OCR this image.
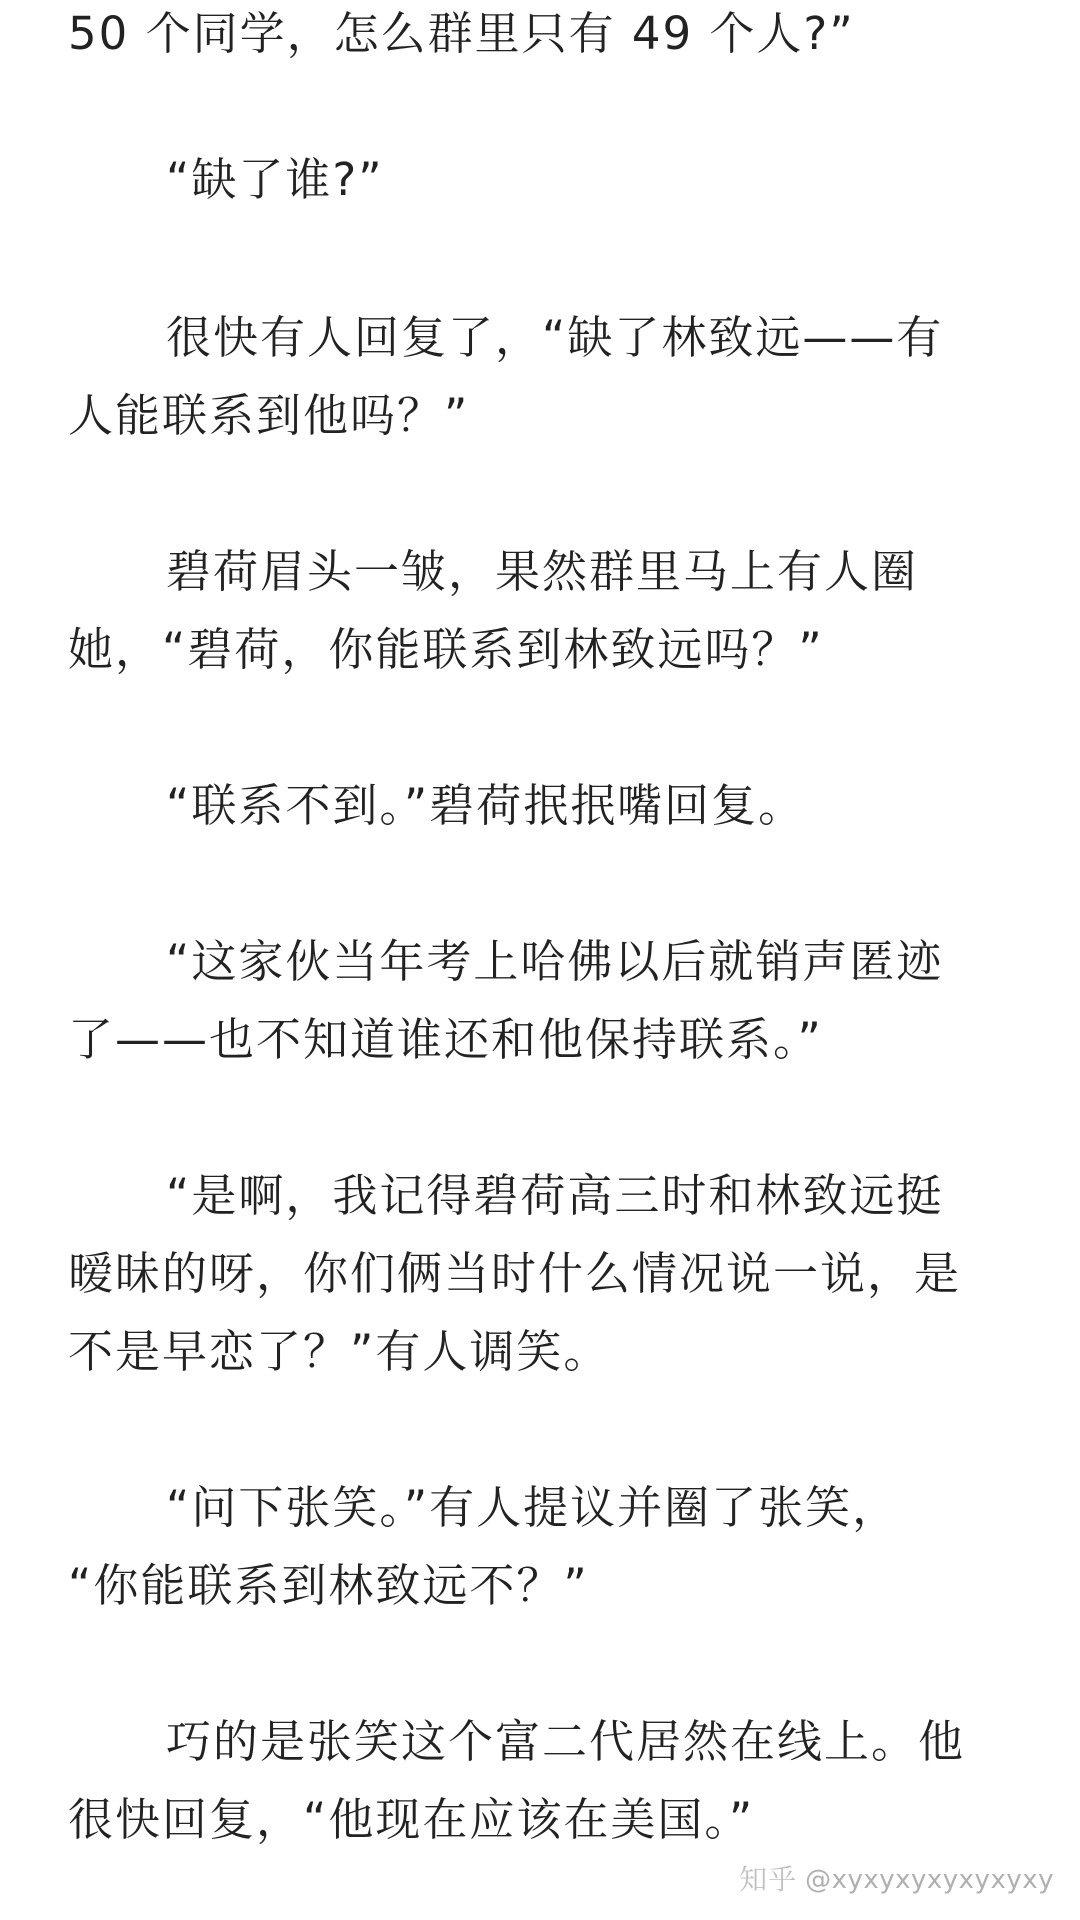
50 个同学，怎么群里只有 49 个人?”
“缺了谁?”
很快有人回复了，“缺了林致远——有
人能联系到他吗？”
碧荷眉头一皱，果然群里马上有人圈
她，“碧荷，你能联系到林致远吗？”
“联系不到。”碧荷抿抿嘴回复。
“这家伙当年考上哈佛以后就销声匿迹
了——也不知道谁还和他保持联系。”
“是啊，我记得碧荷高三时和林致远挺
暧昧的呀，你们俩当时什么情况说一说，是
不是早恋了？”有人调笑。
“问下张笑。”有人提议并圈了张笑，
“你能联系到林致远不？”
巧的是张笑这个富二代居然在线上。他
很快回复，“他现在应该在美国。”
知乎 @xyxyxyxyxyxyxy
